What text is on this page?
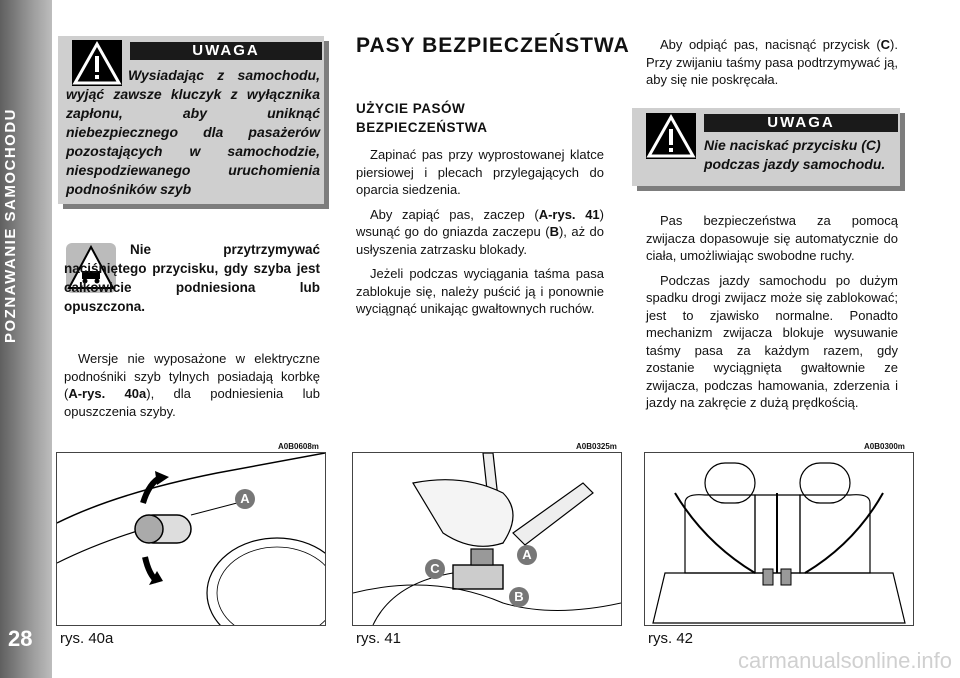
POZNAWANIE SAMOCHODU
28
UWAGA
Wysiadając z samochodu, wyjąć zawsze kluczyk z wyłącznika zapłonu, aby uniknąć niebezpiecznego dla pasażerów pozostających w samochodzie, niespodziewanego uruchomienia podnośników szyb
Nie przytrzymywać naciśniętego przycisku, gdy szyba jest całkowicie podniesiona lub opuszczona.

Wersje nie wyposażone w elektryczne podnośniki szyb tylnych posiadają korbkę (A-rys. 40a), dla podniesienia lub opuszczenia szyby.

PASY BEZPIECZEŃSTWA
UŻYCIE PASÓW BEZPIECZEŃSTWA

Zapinać pas przy wyprostowanej klatce piersiowej i plecach przylegających do oparcia siedzenia.

Aby zapiąć pas, zaczep (A-rys. 41) wsunąć go do gniazda zaczepu (B), aż do usłyszenia zatrzasku blokady.

Jeżeli podczas wyciągania taśma pasa zablokuje się, należy puścić ją i ponownie wyciągnąć unikając gwałtownych ruchów.

Aby odpiąć pas, nacisnąć przycisk (C). Przy zwijaniu taśmy pasa podtrzymywać ją, aby się nie poskręcała.

UWAGA
Nie naciskać przycisku (C) podczas jazdy samochodu.

Pas bezpieczeństwa za pomocą zwijacza dopasowuje się automatycznie do ciała, umożliwiając swobodne ruchy.

Podczas jazdy samochodu po dużym spadku drogi zwijacz może się zablokować; jest to zjawisko normalne. Ponadto mechanizm zwijacza blokuje wysuwanie taśmy pasa za każdym razem, gdy zostanie wyciągnięta gwałtownie ze zwijacza, podczas hamowania, zderzenia i jazdy na zakręcie z dużą prędkością.

A0B0608m
A
rys. 40a
A0B0325m
A
B
C
rys. 41
A0B0300m
rys. 42
carmanualsonline.info
